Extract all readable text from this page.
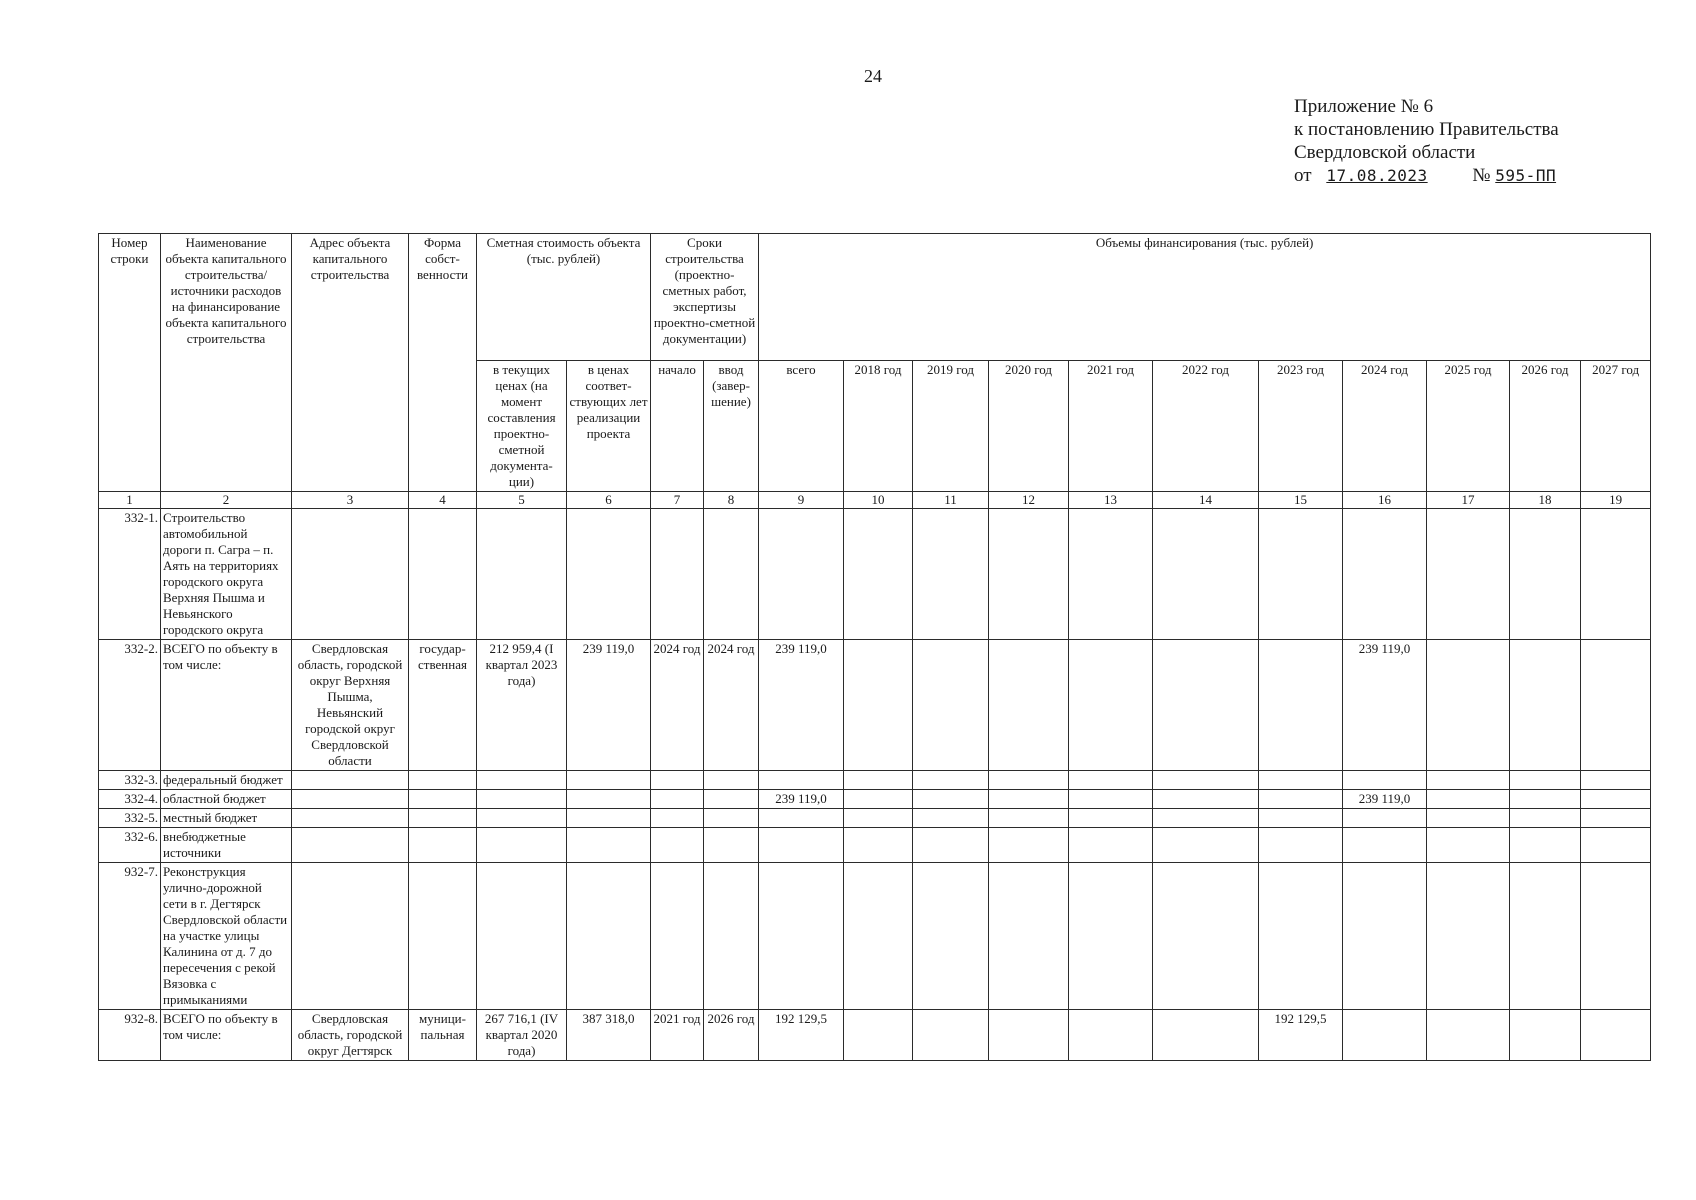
24
Приложение № 6
к постановлению Правительства
Свердловской области
от 17.08.2023 № 595-ПП
Номер строки	Наименование объекта капитального строительства/ источники расходов на финансирование объекта капитального строительства	Адрес объекта капитального строительства	Форма собст-венности	Сметная стоимость объекта (тыс. рублей)		Сроки строительства (проектно-сметных работ, экспертизы проектно-сметной документации)		Объемы финансирования (тыс. рублей)										
				в текущих ценах (на момент составления проектно-сметной документа-ции)	в ценах соответ-ствующих лет реализации проекта	начало	ввод (завер-шение)	всего	2018 год	2019 год	2020 год	2021 год	2022 год	2023 год	2024 год	2025 год	2026 год	2027 год
1	2	3	4	5	6	7	8	9	10	11	12	13	14	15	16	17	18	19
332-1.	Строительство автомобильной дороги п. Сагра – п. Аять на территориях городского округа Верхняя Пышма и Невьянского городского округа																	
332-2.	ВСЕГО по объекту в том числе:	Свердловская область, городской округ Верхняя Пышма, Невьянский городской округ Свердловской области	государ-ственная	212 959,4 (I квартал 2023 года)	239 119,0	2024 год	2024 год	239 119,0							239 119,0			
332-3.	федеральный бюджет																	
332-4.	областной бюджет							239 119,0							239 119,0			
332-5.	местный бюджет																	
332-6.	внебюджетные источники																	
932-7.	Реконструкция улично-дорожной сети в г. Дегтярск Свердловской области на участке улицы Калинина от д. 7 до пересечения с рекой Вязовка с примыканиями																	
932-8.	ВСЕГО по объекту в том числе:	Свердловская область, городской округ Дегтярск	муници-пальная	267 716,1 (IV квартал 2020 года)	387 318,0	2021 год	2026 год	192 129,5						192 129,5				
